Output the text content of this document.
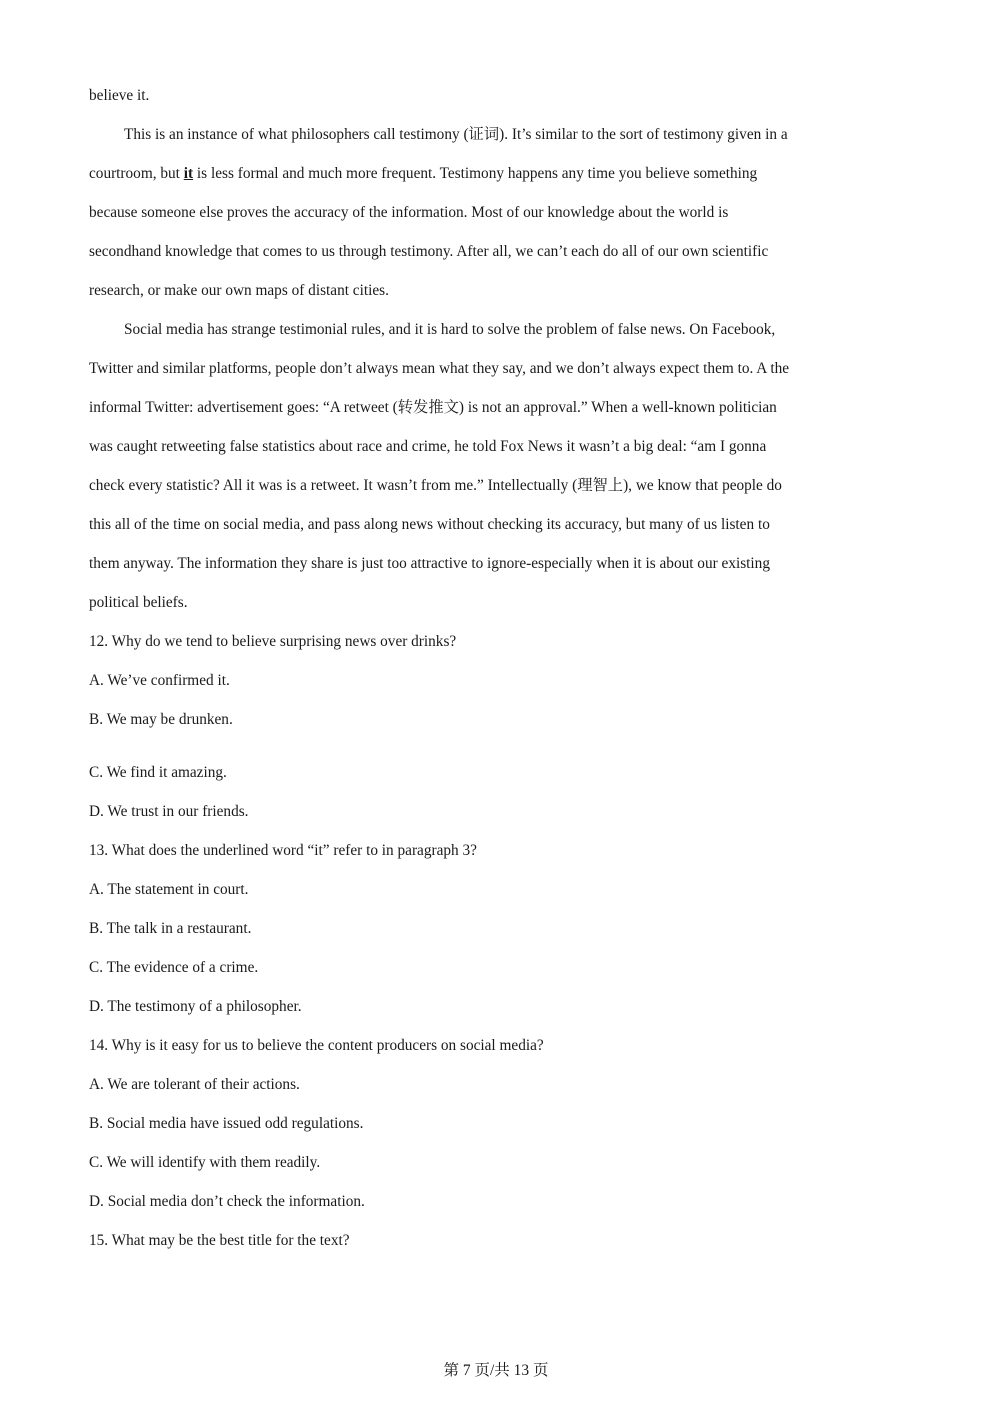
believe it.
This is an instance of what philosophers call testimony (证词). It’s similar to the sort of testimony given in a
courtroom, but it is less formal and much more frequent. Testimony happens any time you believe something
because someone else proves the accuracy of the information. Most of our knowledge about the world is
secondhand knowledge that comes to us through testimony. After all, we can’t each do all of our own scientific
research, or make our own maps of distant cities.
Social media has strange testimonial rules, and it is hard to solve the problem of false news. On Facebook,
Twitter and similar platforms, people don’t always mean what they say, and we don’t always expect them to. A the
informal Twitter: advertisement goes: “A retweet (转发推文) is not an approval.” When a well-known politician
was caught retweeting false statistics about race and crime, he told Fox News it wasn’t a big deal: “am I gonna
check every statistic? All it was is a retweet. It wasn’t from me.” Intellectually (理智上), we know that people do
this all of the time on social media, and pass along news without checking its accuracy, but many of us listen to
them anyway. The information they share is just too attractive to ignore-especially when it is about our existing
political beliefs.
12. Why do we tend to believe surprising news over drinks?
A. We’ve confirmed it.
B. We may be drunken.
C. We find it amazing.
D. We trust in our friends.
13. What does the underlined word “it” refer to in paragraph 3?
A. The statement in court.
B. The talk in a restaurant.
C. The evidence of a crime.
D. The testimony of a philosopher.
14. Why is it easy for us to believe the content producers on social media?
A. We are tolerant of their actions.
B. Social media have issued odd regulations.
C. We will identify with them readily.
D. Social media don’t check the information.
15. What may be the best title for the text?
第 7 页/共 13 页
